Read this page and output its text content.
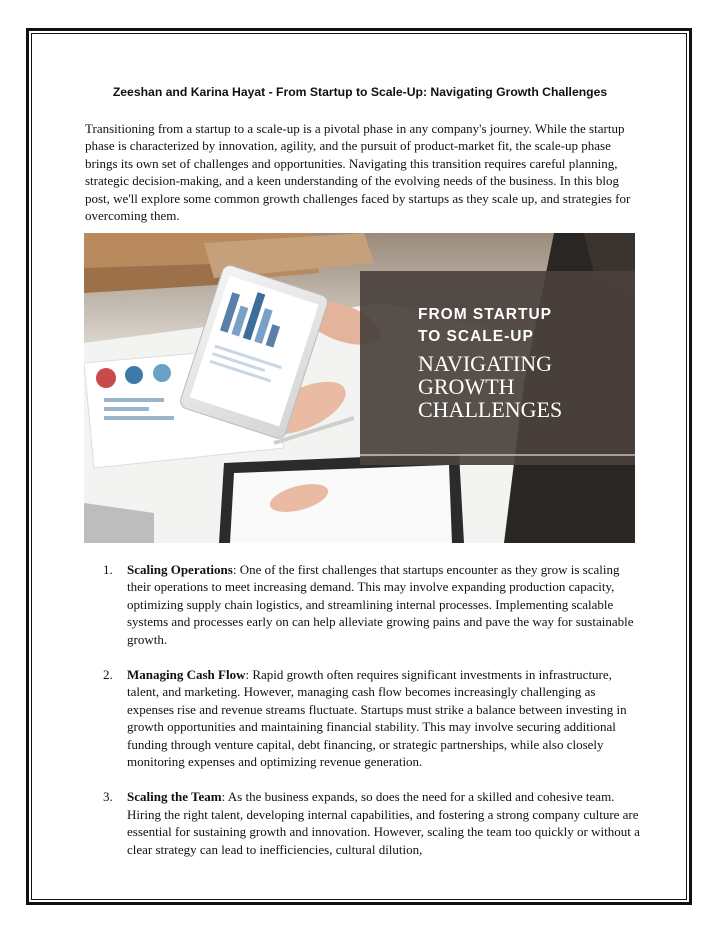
Zeeshan and Karina Hayat - From Startup to Scale-Up: Navigating Growth Challenges

Transitioning from a startup to a scale-up is a pivotal phase in any company's journey. While the startup phase is characterized by innovation, agility, and the pursuit of product-market fit, the scale-up phase brings its own set of challenges and opportunities. Navigating this transition requires careful planning, strategic decision-making, and a keen understanding of the evolving needs of the business. In this blog post, we'll explore some common growth challenges faced by startups as they scale up, and strategies for overcoming them.

FROM STARTUP
TO SCALE-UP
NAVIGATING
GROWTH
CHALLENGES
1. Scaling Operations: One of the first challenges that startups encounter as they grow is scaling their operations to meet increasing demand. This may involve expanding production capacity, optimizing supply chain logistics, and streamlining internal processes. Implementing scalable systems and processes early on can help alleviate growing pains and pave the way for sustainable growth.
2. Managing Cash Flow: Rapid growth often requires significant investments in infrastructure, talent, and marketing. However, managing cash flow becomes increasingly challenging as expenses rise and revenue streams fluctuate. Startups must strike a balance between investing in growth opportunities and maintaining financial stability. This may involve securing additional funding through venture capital, debt financing, or strategic partnerships, while also closely monitoring expenses and optimizing revenue generation.
3. Scaling the Team: As the business expands, so does the need for a skilled and cohesive team. Hiring the right talent, developing internal capabilities, and fostering a strong company culture are essential for sustaining growth and innovation. However, scaling the team too quickly or without a clear strategy can lead to inefficiencies, cultural dilution,
